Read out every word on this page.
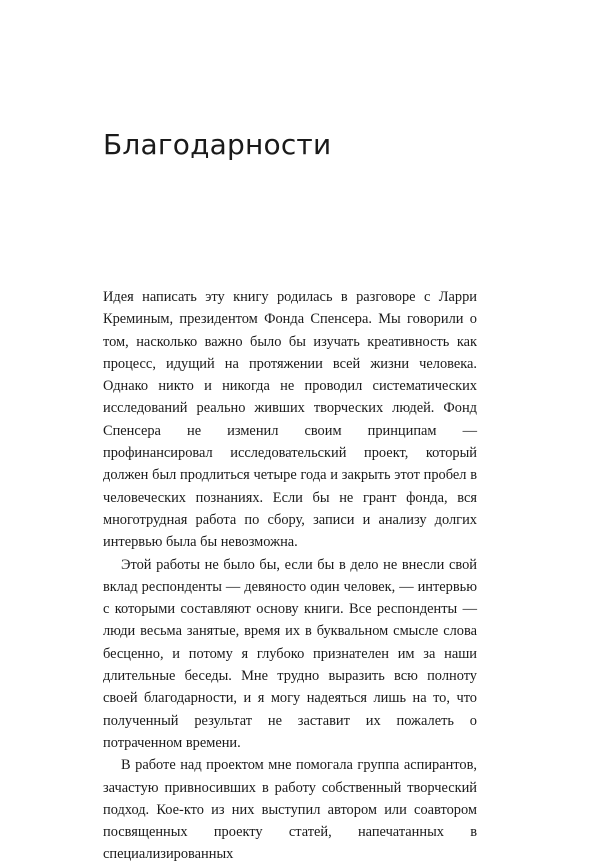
Благодарности

Идея написать эту книгу родилась в разговоре с Ларри Креминым, президентом Фонда Спенсера. Мы говорили о том, насколько важно было бы изучать креативность как процесс, идущий на протяжении всей жизни человека. Однако никто и никогда не проводил систематических исследований реально живших творческих людей. Фонд Спенсера не изменил своим принципам — профинансировал исследовательский проект, который должен был продлиться четыре года и закрыть этот пробел в человеческих познаниях. Если бы не грант фонда, вся многотрудная работа по сбору, записи и анализу долгих интервью была бы невозможна.

Этой работы не было бы, если бы в дело не внесли свой вклад респонденты — девяносто один человек, — интервью с которыми составляют основу книги. Все респонденты — люди весьма занятые, время их в буквальном смысле слова бесценно, и потому я глубоко признателен им за наши длительные беседы. Мне трудно выразить всю полноту своей благодарности, и я могу надеяться лишь на то, что полученный результат не заставит их пожалеть о потраченном времени.

В работе над проектом мне помогала группа аспирантов, зачастую привносивших в работу собственный творческий подход. Кое-кто из них выступил автором или соавтором посвященных проекту статей, напечатанных в специализированных
